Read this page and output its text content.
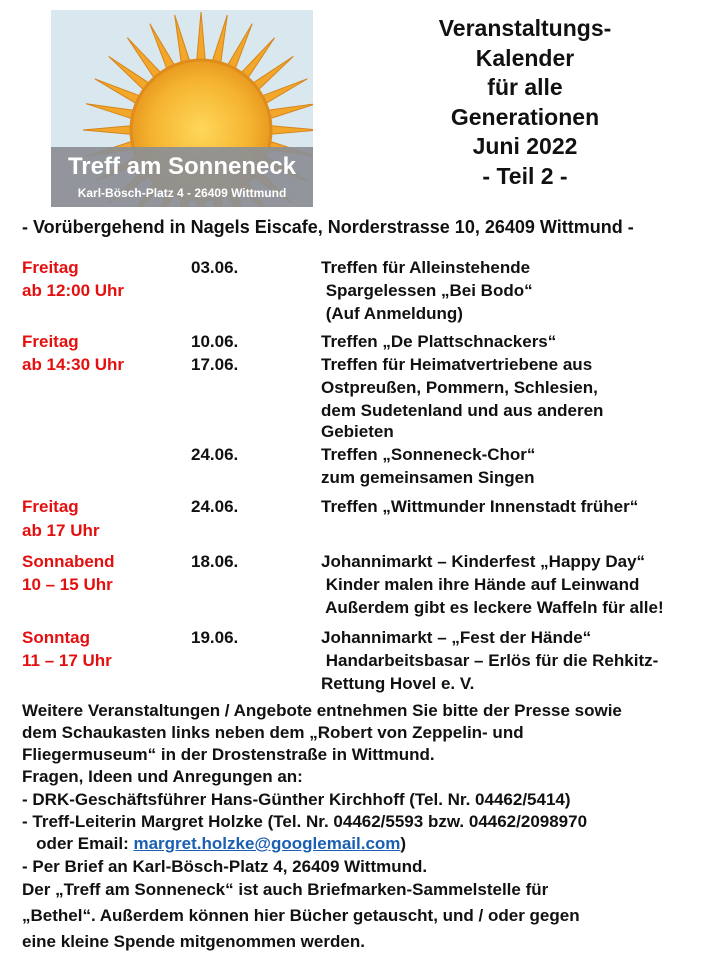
Treff am Sonneneck
Karl-Bösch-Platz 4 - 26409 Wittmund
Veranstaltungs-
Kalender
für alle
Generationen
Juni 2022
- Teil 2 -
- Vorübergehend in Nagels Eiscafe, Norderstrasse 10, 26409 Wittmund -
Freitag
ab 12:00 Uhr
03.06.	Treffen für Alleinstehende
Spargelessen „Bei Bodo“
(Auf Anmeldung)
Freitag
ab 14:30 Uhr
10.06.	Treffen „De Plattschnackers“
17.06.	Treffen für Heimatvertriebene aus
Ostpreußen, Pommern, Schlesien,
dem Sudetenland und aus anderen
Gebieten
24.06.	Treffen „Sonneneck-Chor“
zum gemeinsamen Singen
Freitag
ab 17 Uhr
24.06.	Treffen „Wittmunder Innenstadt früher“
Sonnabend
10 – 15 Uhr
18.06.	Johannimarkt – Kinderfest „Happy Day“
Kinder malen ihre Hände auf Leinwand
Außerdem gibt es leckere Waffeln für alle!
Sonntag
11 – 17 Uhr
19.06.	Johannimarkt – „Fest der Hände“
Handarbeitsbasar – Erlös für die Rehkitz-
Rettung Hovel e. V.
Weitere Veranstaltungen / Angebote entnehmen Sie bitte der Presse sowie
dem Schaukasten links neben dem „Robert von Zeppelin- und
Fliegermuseum“ in der Drostenstraße in Wittmund.
Fragen, Ideen und Anregungen an:
- DRK-Geschäftsführer Hans-Günther Kirchhoff (Tel. Nr. 04462/5414)
- Treff-Leiterin Margret Holzke (Tel. Nr. 04462/5593 bzw. 04462/2098970
oder Email: margret.holzke@googlemail.com)
- Per Brief an Karl-Bösch-Platz 4, 26409 Wittmund.
Der „Treff am Sonneneck“ ist auch Briefmarken-Sammelstelle für
„Bethel“. Außerdem können hier Bücher getauscht, und / oder gegen
eine kleine Spende mitgenommen werden.
